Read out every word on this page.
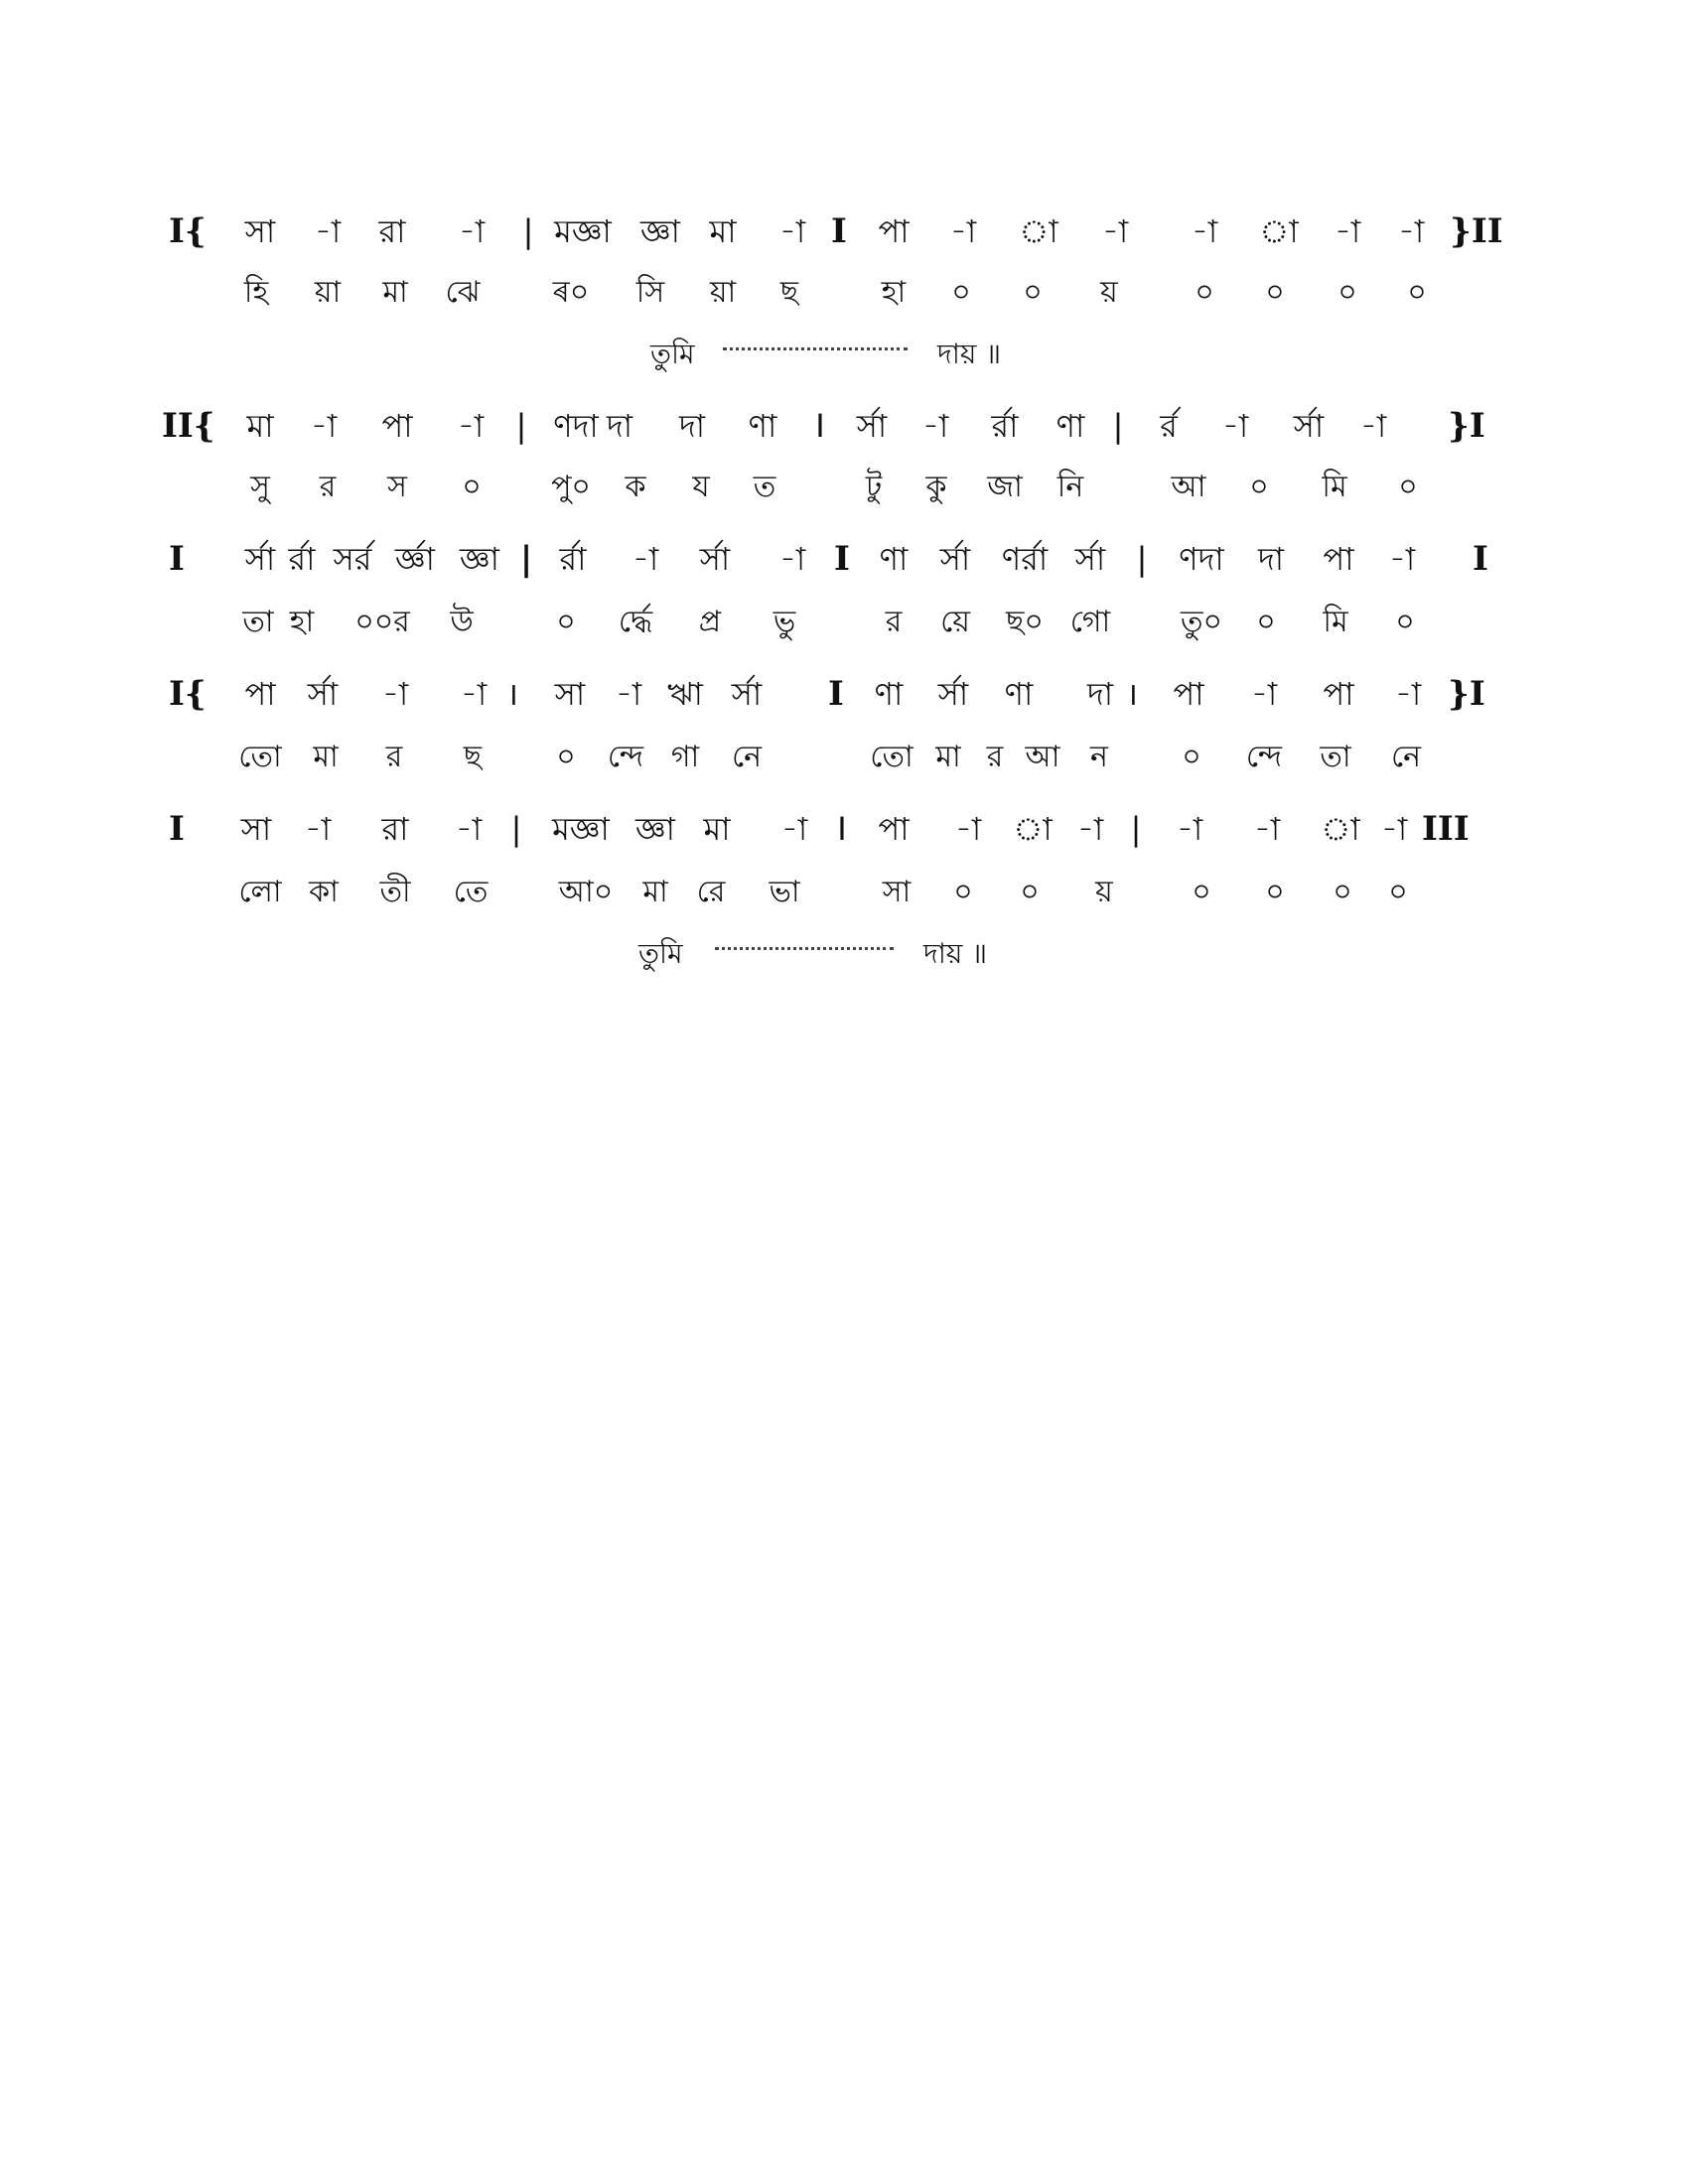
I{ সা -া রা -া | মজ্ঞা জ্ঞা মা -া I পা -া া -া -া া -া -া }II
হি য়া মা ঝে ৰ০ সি য়া ছ	হা ০ ০ য়	০ ০ ০ ০
তুমি	দায় ॥
II{ মা -া পা -া | ণদা দা দা ণা I র্সা -া র্রা ণা | র্র -া র্সা -া }I
সু র স ০ পু০ ক য ত	টু কু জা নি	আ ০ মি ০
I র্সা র্রা সর্র র্জ্ঞা জ্ঞা | র্রা -া র্সা -া I ণা র্সা ণর্রা র্সা | ণদা দা পা -া I
তা হা ০০র উ	০ র্দ্ধে প্র ভু	র য়ে ছ০ গো তু০ ০ মি ০
I{ পা র্সা -া -া । সা -া ঋা র্সা I ণা র্সা ণা দা । পা -া পা -া }I
তো মা র ছ	০ ন্দে গা নে	তো মা র আ ন ০ ন্দে তা নে
I সা -া রা -া | মজ্ঞা জ্ঞা মা -া I পা -া া -া | -া -া া -া III
লো কা তী তে আ০ মা রে ভা	সা ০ ০ য়	০ ০ ০ ০
তুমি	দায় ॥
